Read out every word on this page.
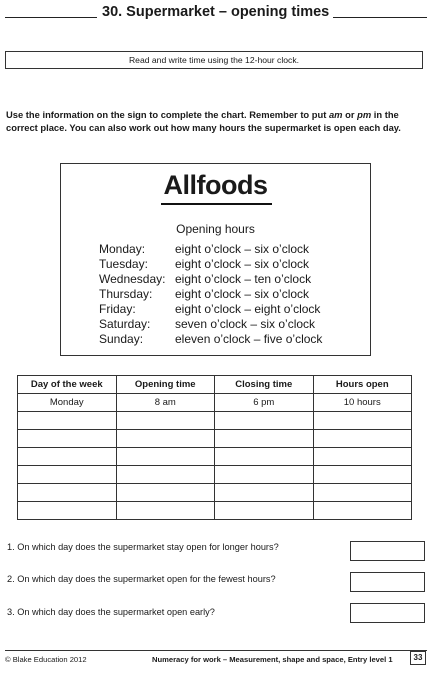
30. Supermarket – opening times
Read and write time using the 12-hour clock.
Use the information on the sign to complete the chart. Remember to put am or pm in the correct place. You can also work out how many hours the supermarket is open each day.
Allfoods
Opening hours
Monday: eight o’clock – six o’clock
Tuesday: eight o’clock – six o’clock
Wednesday: eight o’clock – ten o’clock
Thursday: eight o’clock – six o’clock
Friday:	eight o’clock – eight o’clock
Saturday: seven o’clock – six o’clock
Sunday:	eleven o’clock – five o’clock
Day of the week	Opening time	Closing time	Hours open
Monday	8 am	6 pm	10 hours

1. On which day does the supermarket stay open for longer hours?
2. On which day does the supermarket open for the fewest hours?
3. On which day does the supermarket open early?
© Blake Education 2012	Numeracy for work – Measurement, shape and space, Entry level 1	33
